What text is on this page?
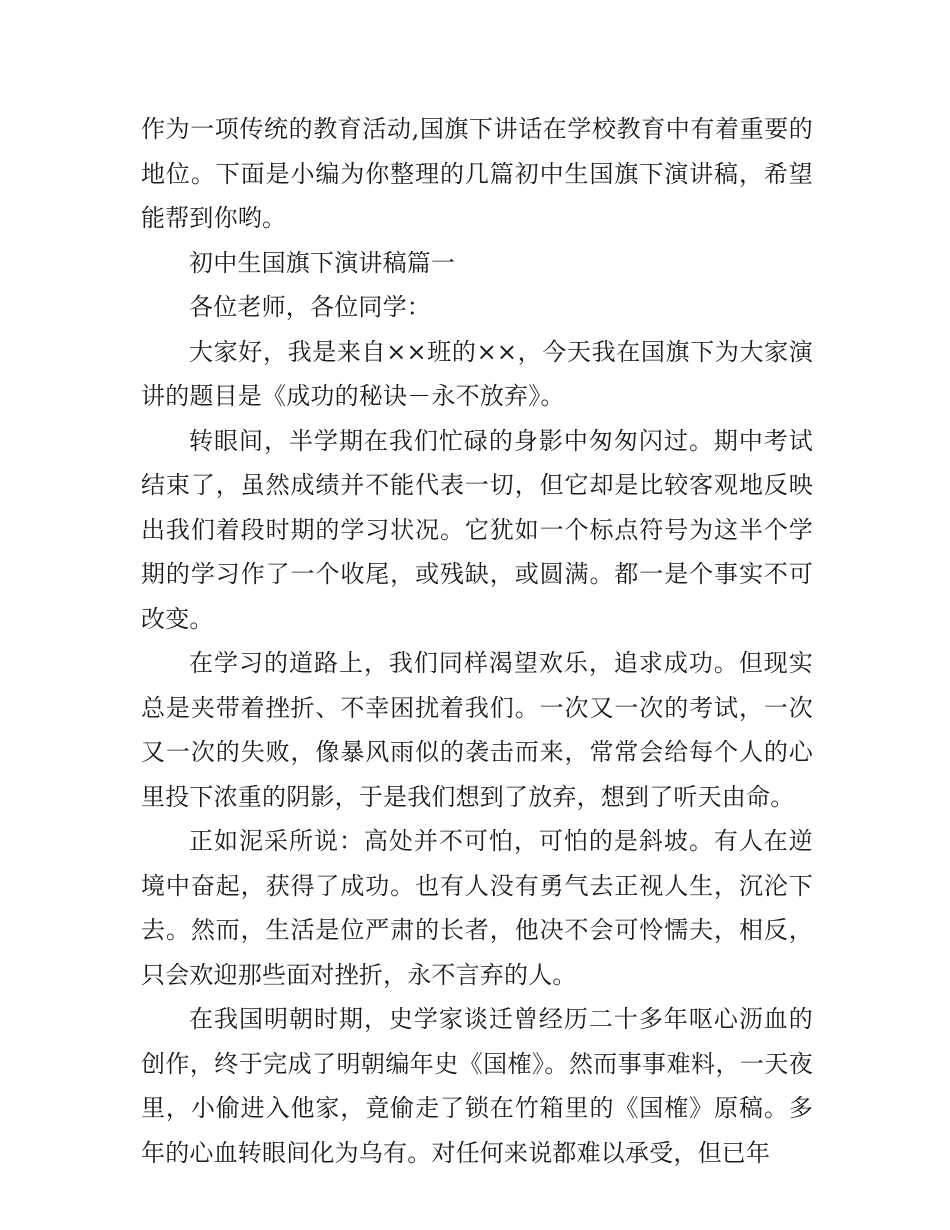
作为一项传统的教育活动,国旗下讲话在学校教育中有着重要的地位。下面是小编为你整理的几篇初中生国旗下演讲稿，希望能帮到你哟。

初中生国旗下演讲稿篇一

各位老师，各位同学：

大家好，我是来自××班的××，今天我在国旗下为大家演讲的题目是《成功的秘诀－永不放弃》。

转眼间，半学期在我们忙碌的身影中匆匆闪过。期中考试结束了，虽然成绩并不能代表一切，但它却是比较客观地反映出我们着段时期的学习状况。它犹如一个标点符号为这半个学期的学习作了一个收尾，或残缺，或圆满。都一是个事实不可改变。

在学习的道路上，我们同样渴望欢乐，追求成功。但现实总是夹带着挫折、不幸困扰着我们。一次又一次的考试，一次又一次的失败，像暴风雨似的袭击而来，常常会给每个人的心里投下浓重的阴影，于是我们想到了放弃，想到了听天由命。

正如泥采所说：高处并不可怕，可怕的是斜坡。有人在逆境中奋起，获得了成功。也有人没有勇气去正视人生，沉沦下去。然而，生活是位严肃的长者，他决不会可怜懦夫，相反，只会欢迎那些面对挫折，永不言弃的人。

在我国明朝时期，史学家谈迁曾经历二十多年呕心沥血的创作，终于完成了明朝编年史《国榷》。然而事事难料，一天夜里，小偷进入他家，竟偷走了锁在竹箱里的《国榷》原稿。多年的心血转眼间化为乌有。对任何来说都难以承受，但已年
